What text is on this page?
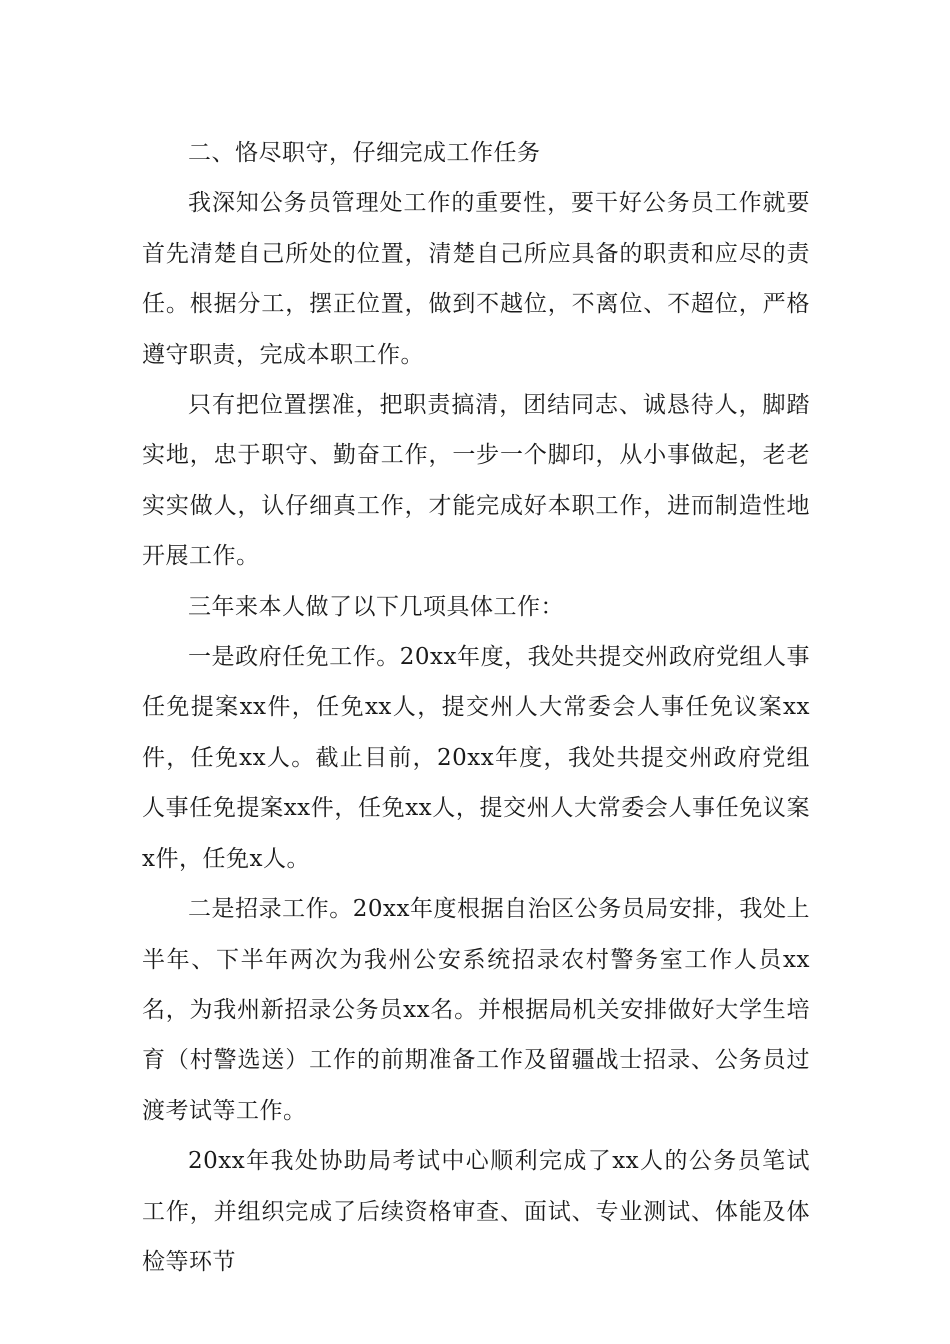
二、恪尽职守，仔细完成工作任务

我深知公务员管理处工作的重要性，要干好公务员工作就要首先清楚自己所处的位置，清楚自己所应具备的职责和应尽的责任。根据分工，摆正位置，做到不越位，不离位、不超位，严格遵守职责，完成本职工作。

只有把位置摆准，把职责搞清，团结同志、诚恳待人，脚踏实地，忠于职守、勤奋工作，一步一个脚印，从小事做起，老老实实做人，认仔细真工作，才能完成好本职工作，进而制造性地开展工作。

三年来本人做了以下几项具体工作：

一是政府任免工作。20xx年度，我处共提交州政府党组人事任免提案xx件，任免xx人，提交州人大常委会人事任免议案xx件，任免xx人。截止目前，20xx年度，我处共提交州政府党组人事任免提案xx件，任免xx人，提交州人大常委会人事任免议案x件，任免x人。

二是招录工作。20xx年度根据自治区公务员局安排，我处上半年、下半年两次为我州公安系统招录农村警务室工作人员xx名，为我州新招录公务员xx名。并根据局机关安排做好大学生培育（村警选送）工作的前期准备工作及留疆战士招录、公务员过渡考试等工作。

20xx年我处协助局考试中心顺利完成了xx人的公务员笔试工作，并组织完成了后续资格审查、面试、专业测试、体能及体检等环节
